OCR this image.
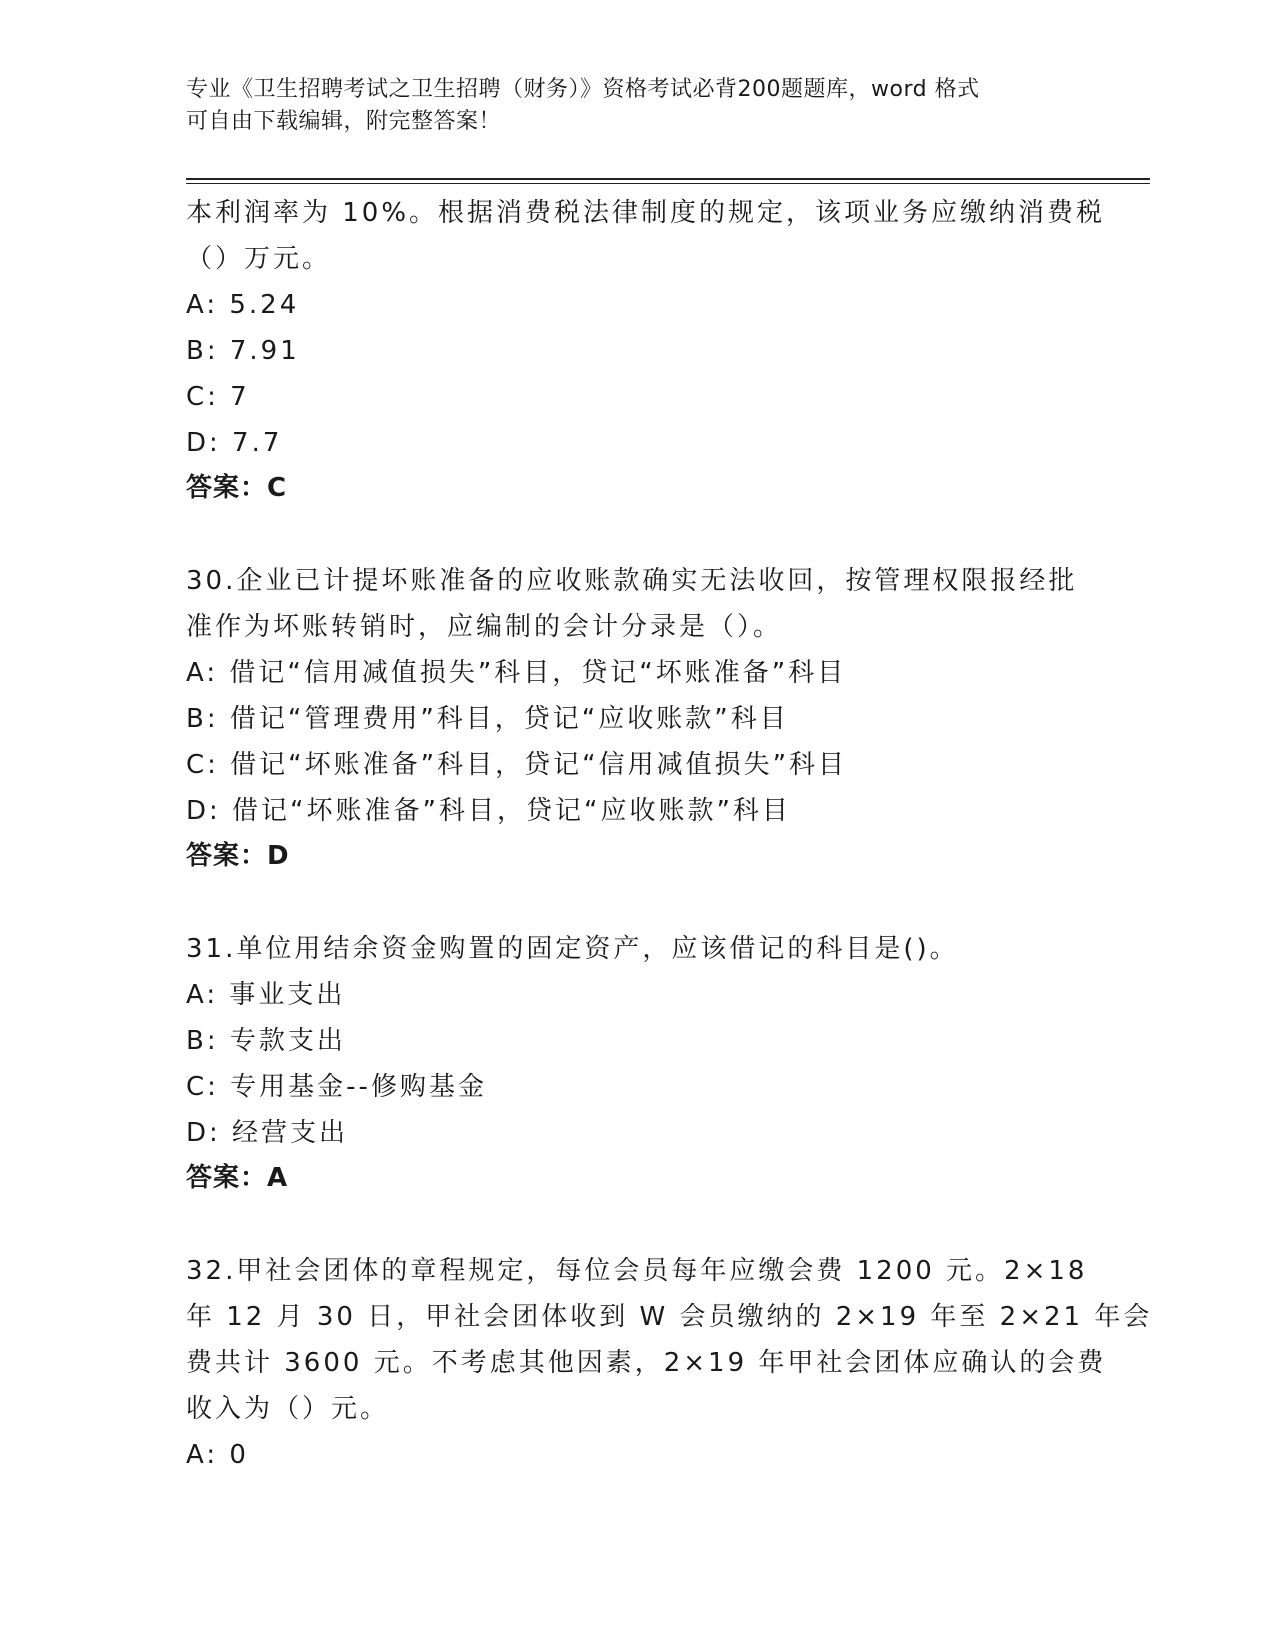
专业《卫生招聘考试之卫生招聘（财务）》资格考试必背200题题库，word 格式
可自由下载编辑，附完整答案！
本利润率为 10%。根据消费税法律制度的规定，该项业务应缴纳消费税
（）万元。
A: 5.24
B: 7.91
C: 7
D: 7.7
答案：C
30.企业已计提坏账准备的应收账款确实无法收回，按管理权限报经批
准作为坏账转销时，应编制的会计分录是（）。
A: 借记“信用减值损失”科目，贷记“坏账准备”科目
B: 借记“管理费用”科目，贷记“应收账款”科目
C: 借记“坏账准备”科目，贷记“信用减值损失”科目
D: 借记“坏账准备”科目，贷记“应收账款”科目
答案：D
31.单位用结余资金购置的固定资产，应该借记的科目是()。
A: 事业支出
B: 专款支出
C: 专用基金--修购基金
D: 经营支出
答案：A
32.甲社会团体的章程规定，每位会员每年应缴会费 1200 元。2×18
年 12 月 30 日，甲社会团体收到 W 会员缴纳的 2×19 年至 2×21 年会
费共计 3600 元。不考虑其他因素，2×19 年甲社会团体应确认的会费
收入为（）元。
A: 0
